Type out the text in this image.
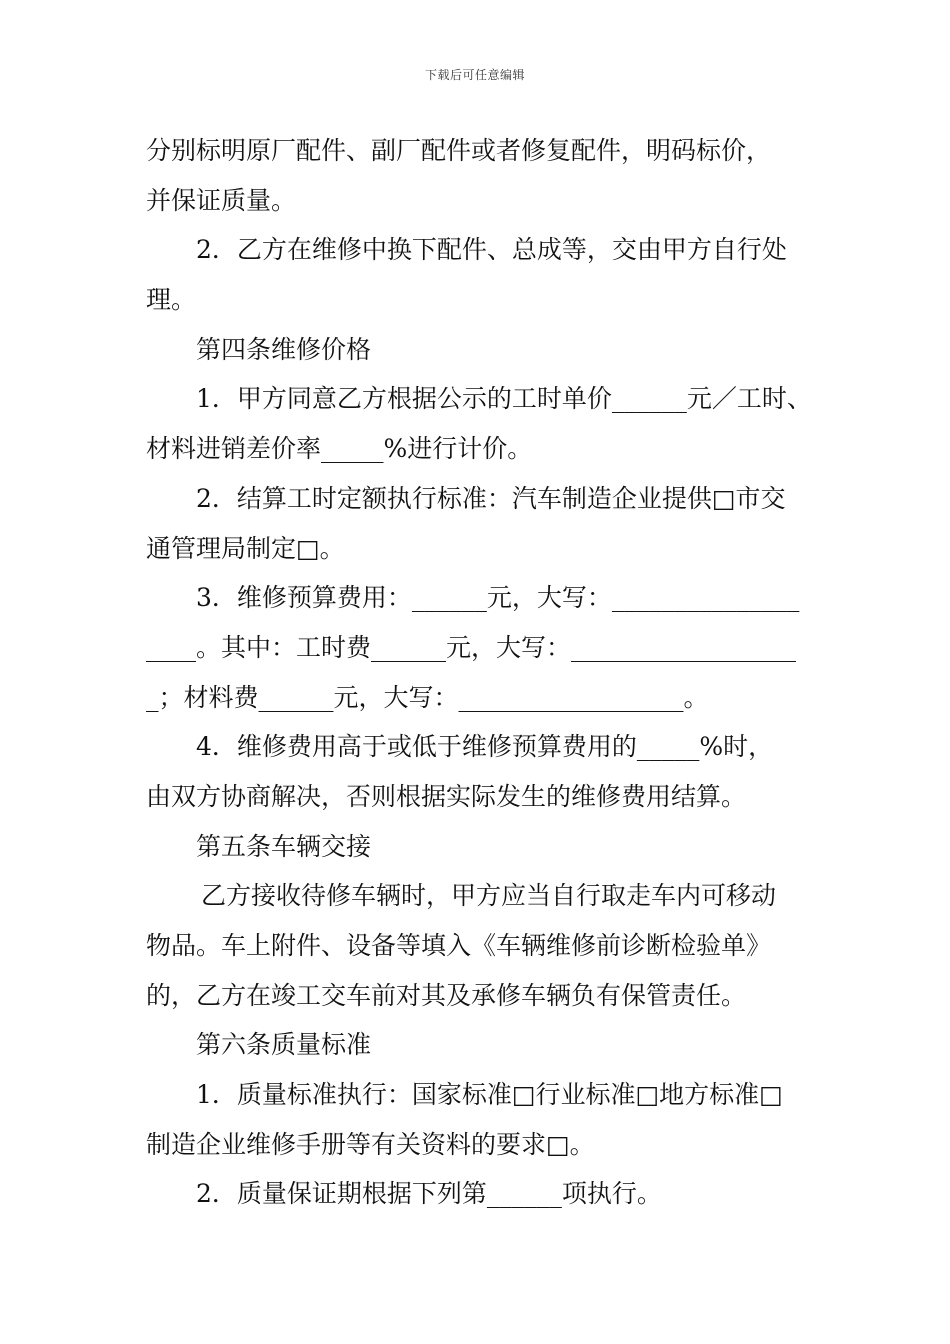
下载后可任意编辑
分别标明原厂配件、副厂配件或者修复配件，明码标价，
并保证质量。
2．乙方在维修中换下配件、总成等，交由甲方自行处
理。
第四条维修价格
1．甲方同意乙方根据公示的工时单价______元／工时、
材料进销差价率_____%进行计价。
2．结算工时定额执行标准：汽车制造企业提供□市交
通管理局制定□。
3．维修预算费用：______元，大写：_______________
____。其中：工时费______元，大写：__________________
_；材料费______元，大写：__________________。
4．维修费用高于或低于维修预算费用的_____%时，
由双方协商解决，否则根据实际发生的维修费用结算。
第五条车辆交接
乙方接收待修车辆时，甲方应当自行取走车内可移动
物品。车上附件、设备等填入《车辆维修前诊断检验单》
的，乙方在竣工交车前对其及承修车辆负有保管责任。
第六条质量标准
1．质量标准执行：国家标准□行业标准□地方标准□
制造企业维修手册等有关资料的要求□。
2．质量保证期根据下列第______项执行。
